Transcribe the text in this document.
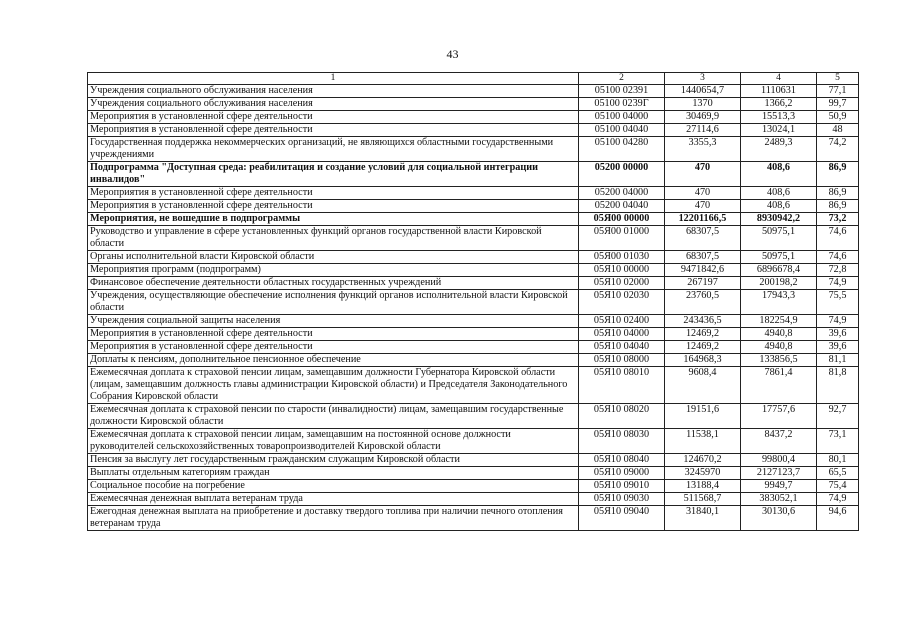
43
1	2	3	4	5
Учреждения социального обслуживания населения	05100 02391	1440654,7	1110631	77,1
Учреждения социального обслуживания населения	05100 0239Г	1370	1366,2	99,7
Мероприятия в установленной сфере деятельности	05100 04000	30469,9	15513,3	50,9
Мероприятия в установленной сфере деятельности	05100 04040	27114,6	13024,1	48
Государственная поддержка некоммерческих организаций, не являющихся областными государственными учреждениями	05100 04280	3355,3	2489,3	74,2
Подпрограмма "Доступная среда: реабилитация и создание условий для социальной интеграции инвалидов"	05200 00000	470	408,6	86,9
Мероприятия в установленной сфере деятельности	05200 04000	470	408,6	86,9
Мероприятия в установленной сфере деятельности	05200 04040	470	408,6	86,9
Мероприятия, не вошедшие в подпрограммы	05Я00 00000	12201166,5	8930942,2	73,2
Руководство и управление в сфере установленных функций органов государственной власти Кировской области	05Я00 01000	68307,5	50975,1	74,6
Органы исполнительной власти Кировской области	05Я00 01030	68307,5	50975,1	74,6
Мероприятия программ (подпрограмм)	05Я10 00000	9471842,6	6896678,4	72,8
Финансовое обеспечение деятельности областных государственных учреждений	05Я10 02000	267197	200198,2	74,9
Учреждения, осуществляющие обеспечение исполнения функций органов исполнительной власти Кировской области	05Я10 02030	23760,5	17943,3	75,5
Учреждения социальной защиты населения	05Я10 02400	243436,5	182254,9	74,9
Мероприятия в установленной сфере деятельности	05Я10 04000	12469,2	4940,8	39,6
Мероприятия в установленной сфере деятельности	05Я10 04040	12469,2	4940,8	39,6
Доплаты к пенсиям, дополнительное пенсионное обеспечение	05Я10 08000	164968,3	133856,5	81,1
Ежемесячная доплата к страховой пенсии лицам, замещавшим должности Губернатора Кировской области (лицам, замещавшим должность главы администрации Кировской области) и Председателя Законодательного Собрания Кировской области	05Я10 08010	9608,4	7861,4	81,8
Ежемесячная доплата к страховой пенсии по старости (инвалидности) лицам, замещавшим государственные должности Кировской области	05Я10 08020	19151,6	17757,6	92,7
Ежемесячная доплата к страховой пенсии лицам, замещавшим на постоянной основе должности руководителей сельскохозяйственных товаропроизводителей Кировской области	05Я10 08030	11538,1	8437,2	73,1
Пенсия за выслугу лет государственным гражданским служащим Кировской области	05Я10 08040	124670,2	99800,4	80,1
Выплаты отдельным категориям граждан	05Я10 09000	3245970	2127123,7	65,5
Социальное пособие на погребение	05Я10 09010	13188,4	9949,7	75,4
Ежемесячная денежная выплата ветеранам труда	05Я10 09030	511568,7	383052,1	74,9
Ежегодная денежная выплата на приобретение и доставку твердого топлива при наличии печного отопления ветеранам труда	05Я10 09040	31840,1	30130,6	94,6
